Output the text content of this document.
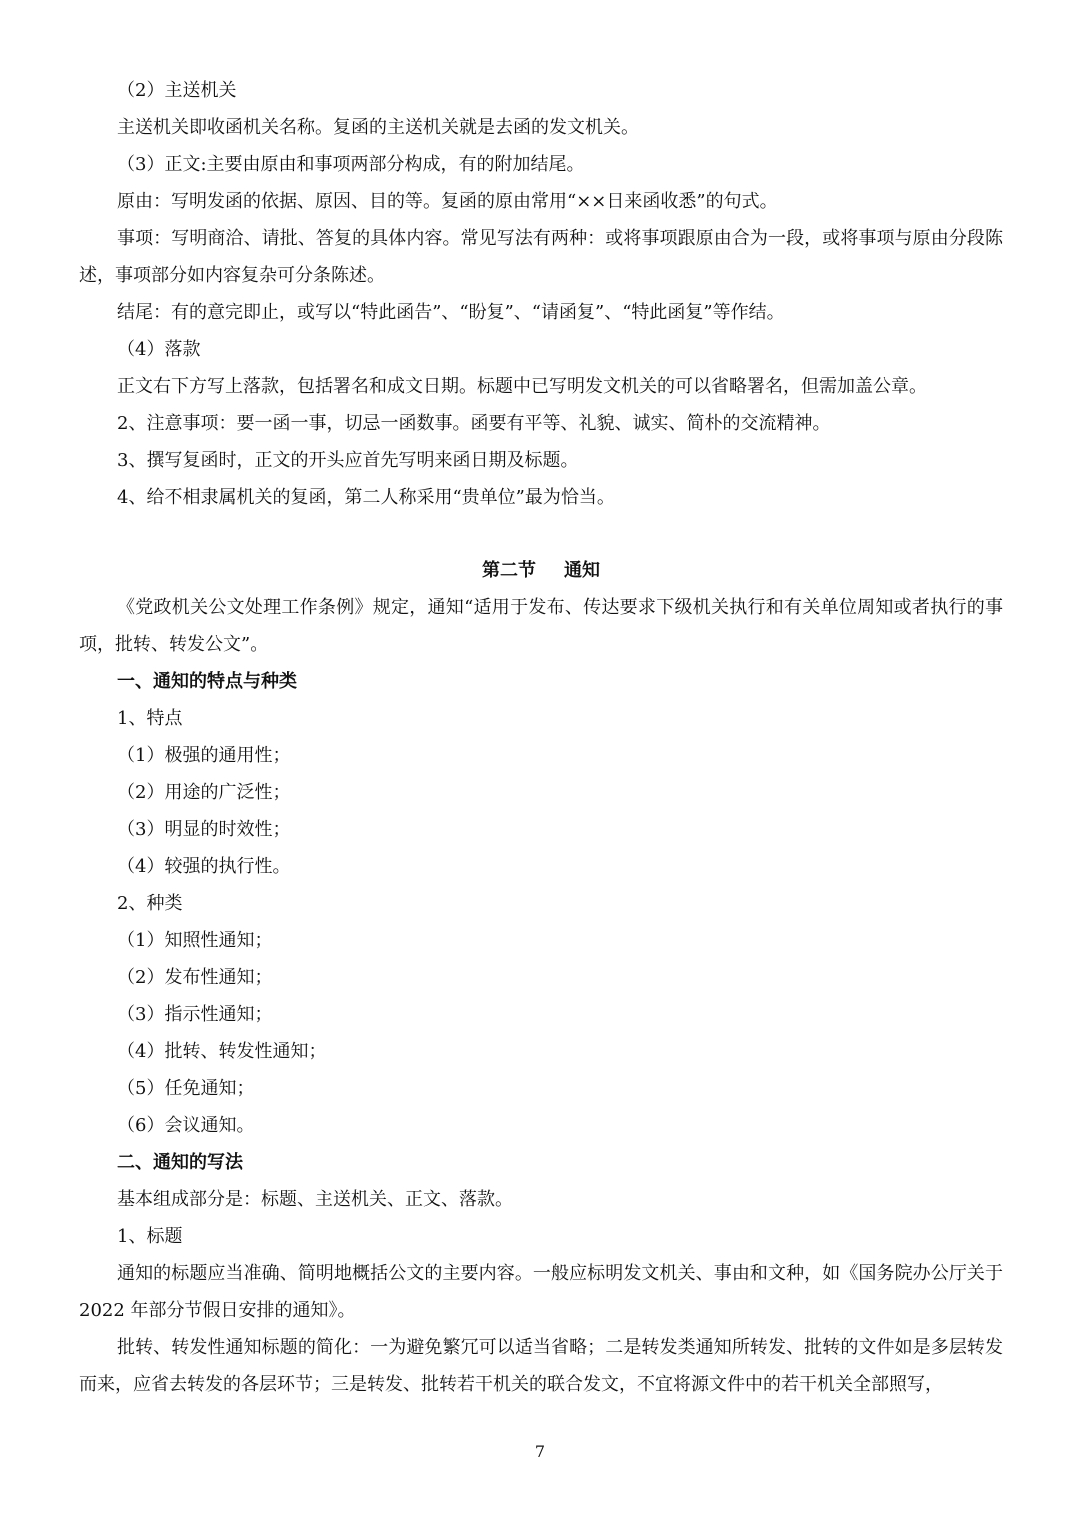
（2）主送机关

主送机关即收函机关名称。复函的主送机关就是去函的发文机关。

（3）正文:主要由原由和事项两部分构成，有的附加结尾。

原由：写明发函的依据、原因、目的等。复函的原由常用“××日来函收悉”的句式。

事项：写明商洽、请批、答复的具体内容。常见写法有两种：或将事项跟原由合为一段，或将事项与原由分段陈述，事项部分如内容复杂可分条陈述。

结尾：有的意完即止，或写以“特此函告”、“盼复”、“请函复”、“特此函复”等作结。

（4）落款

正文右下方写上落款，包括署名和成文日期。标题中已写明发文机关的可以省略署名，但需加盖公章。

2、注意事项：要一函一事，切忌一函数事。函要有平等、礼貌、诚实、简朴的交流精神。

3、撰写复函时，正文的开头应首先写明来函日期及标题。

4、给不相隶属机关的复函，第二人称采用“贵单位”最为恰当。

第二节 通知

《党政机关公文处理工作条例》规定，通知“适用于发布、传达要求下级机关执行和有关单位周知或者执行的事项，批转、转发公文”。

一、通知的特点与种类

1、特点

（1）极强的通用性；

（2）用途的广泛性；

（3）明显的时效性；

（4）较强的执行性。

2、种类

（1）知照性通知；

（2）发布性通知；

（3）指示性通知；

（4）批转、转发性通知；

（5）任免通知；

（6）会议通知。

二、通知的写法

基本组成部分是：标题、主送机关、正文、落款。

1、标题

通知的标题应当准确、简明地概括公文的主要内容。一般应标明发文机关、事由和文种，如《国务院办公厅关于 2022 年部分节假日安排的通知》。

批转、转发性通知标题的简化：一为避免繁冗可以适当省略；二是转发类通知所转发、批转的文件如是多层转发而来，应省去转发的各层环节；三是转发、批转若干机关的联合发文，不宜将源文件中的若干机关全部照写，

7
